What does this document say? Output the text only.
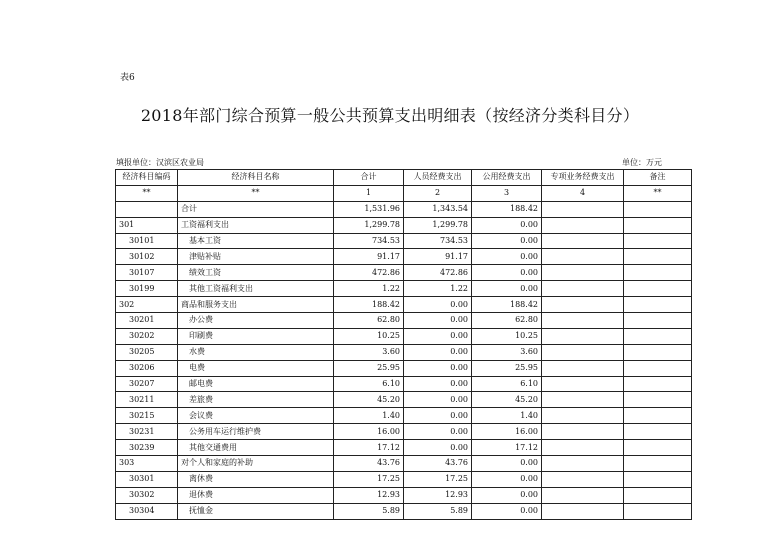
表6
2018年部门综合预算一般公共预算支出明细表（按经济分类科目分）
填报单位：汉滨区农业局	单位：万元
经济科目编码	经济科目名称	合计	人员经费支出	公用经费支出	专项业务经费支出	备注
**	**	1	2	3	4	**
	合计	1,531.96	1,343.54	188.42		
301	工资福利支出	1,299.78	1,299.78	0.00		
30101	基本工资	734.53	734.53	0.00		
30102	津贴补贴	91.17	91.17	0.00		
30107	绩效工资	472.86	472.86	0.00		
30199	其他工资福利支出	1.22	1.22	0.00		
302	商品和服务支出	188.42	0.00	188.42		
30201	办公费	62.80	0.00	62.80		
30202	印刷费	10.25	0.00	10.25		
30205	水费	3.60	0.00	3.60		
30206	电费	25.95	0.00	25.95		
30207	邮电费	6.10	0.00	6.10		
30211	差旅费	45.20	0.00	45.20		
30215	会议费	1.40	0.00	1.40		
30231	公务用车运行维护费	16.00	0.00	16.00		
30239	其他交通费用	17.12	0.00	17.12		
303	对个人和家庭的补助	43.76	43.76	0.00		
30301	离休费	17.25	17.25	0.00		
30302	退休费	12.93	12.93	0.00		
30304	抚恤金	5.89	5.89	0.00		
